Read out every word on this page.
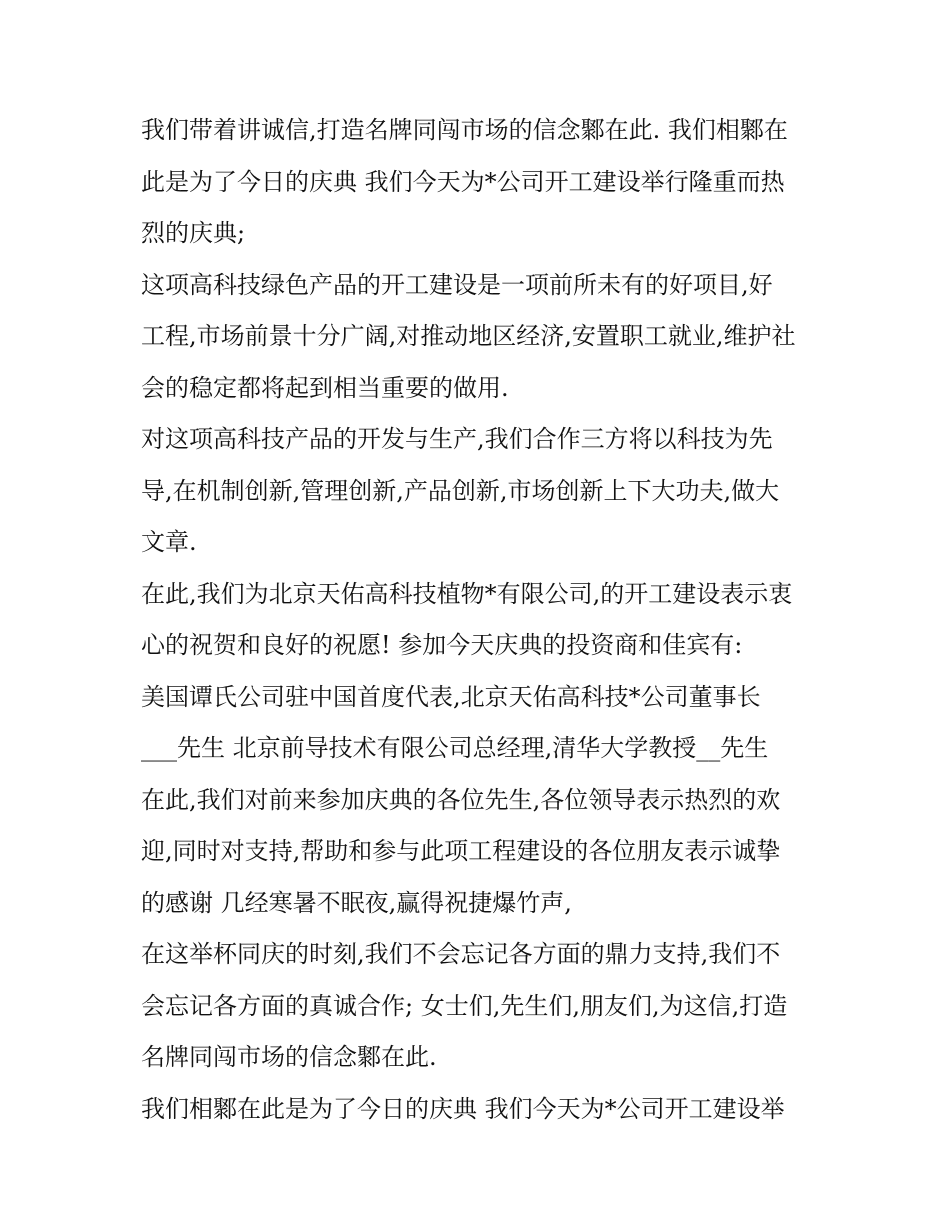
我们带着讲诚信,打造名牌同闯市场的信念鄹在此. 我们相鄹在
此是为了今日的庆典 我们今天为*公司开工建设举行隆重而热
烈的庆典;
这项高科技绿色产品的开工建设是一项前所未有的好项目,好
工程,市场前景十分广阔,对推动地区经济,安置职工就业,维护社
会的稳定都将起到相当重要的做用.
对这项高科技产品的开发与生产,我们合作三方将以科技为先
导,在机制创新,管理创新,产品创新,市场创新上下大功夫,做大
文章.
在此,我们为北京天佑高科技植物*有限公司,的开工建设表示衷
心的祝贺和良好的祝愿! 参加今天庆典的投资商和佳宾有:
美国谭氏公司驻中国首度代表,北京天佑高科技*公司董事长
___先生 北京前导技术有限公司总经理,清华大学教授__先生
在此,我们对前来参加庆典的各位先生,各位领导表示热烈的欢
迎,同时对支持,帮助和参与此项工程建设的各位朋友表示诚挚
的感谢 几经寒暑不眠夜,赢得祝捷爆竹声,
在这举杯同庆的时刻,我们不会忘记各方面的鼎力支持,我们不
会忘记各方面的真诚合作; 女士们,先生们,朋友们,为这信,打造
名牌同闯市场的信念鄹在此.
我们相鄹在此是为了今日的庆典 我们今天为*公司开工建设举
